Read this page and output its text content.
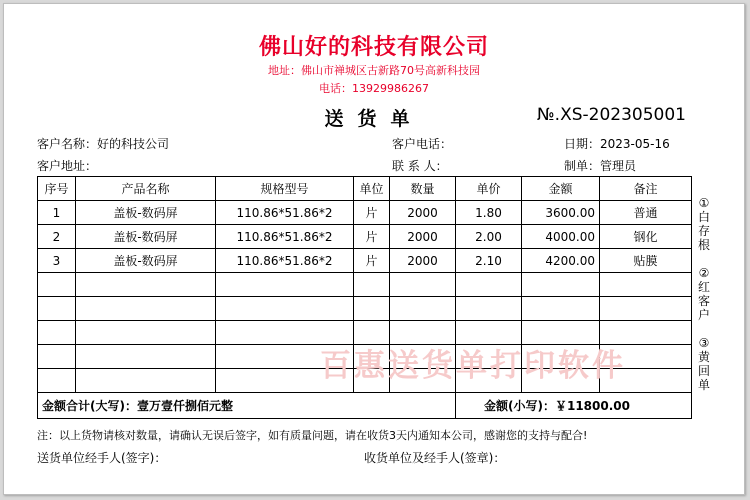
佛山好的科技有限公司
地址：佛山市禅城区古新路70号高新科技园
电话：13929986267
送货单	№.XS-202305001
客户名称：好的科技公司
客户地址：
客户电话：
联 系 人：
日期：2023-05-16
制单：管理员
序号	产品名称	规格型号	单位	数量	单价	金额	备注
1	盖板-数码屏	110.86*51.86*2	片	2000	1.80	3600.00	普通
2	盖板-数码屏	110.86*51.86*2	片	2000	2.00	4000.00	钢化
3	盖板-数码屏	110.86*51.86*2	片	2000	2.10	4200.00	贴膜

金额合计(大写)：壹万壹仟捌佰元整					金额(小写)：￥11800.00		
①白存根
②红客户
③黄回单
百惠送货单打印软件
注：以上货物请核对数量，请确认无误后签字，如有质量问题，请在收货3天内通知本公司，感谢您的支持与配合!
送货单位经手人(签字)：	收货单位及经手人(签章)：
